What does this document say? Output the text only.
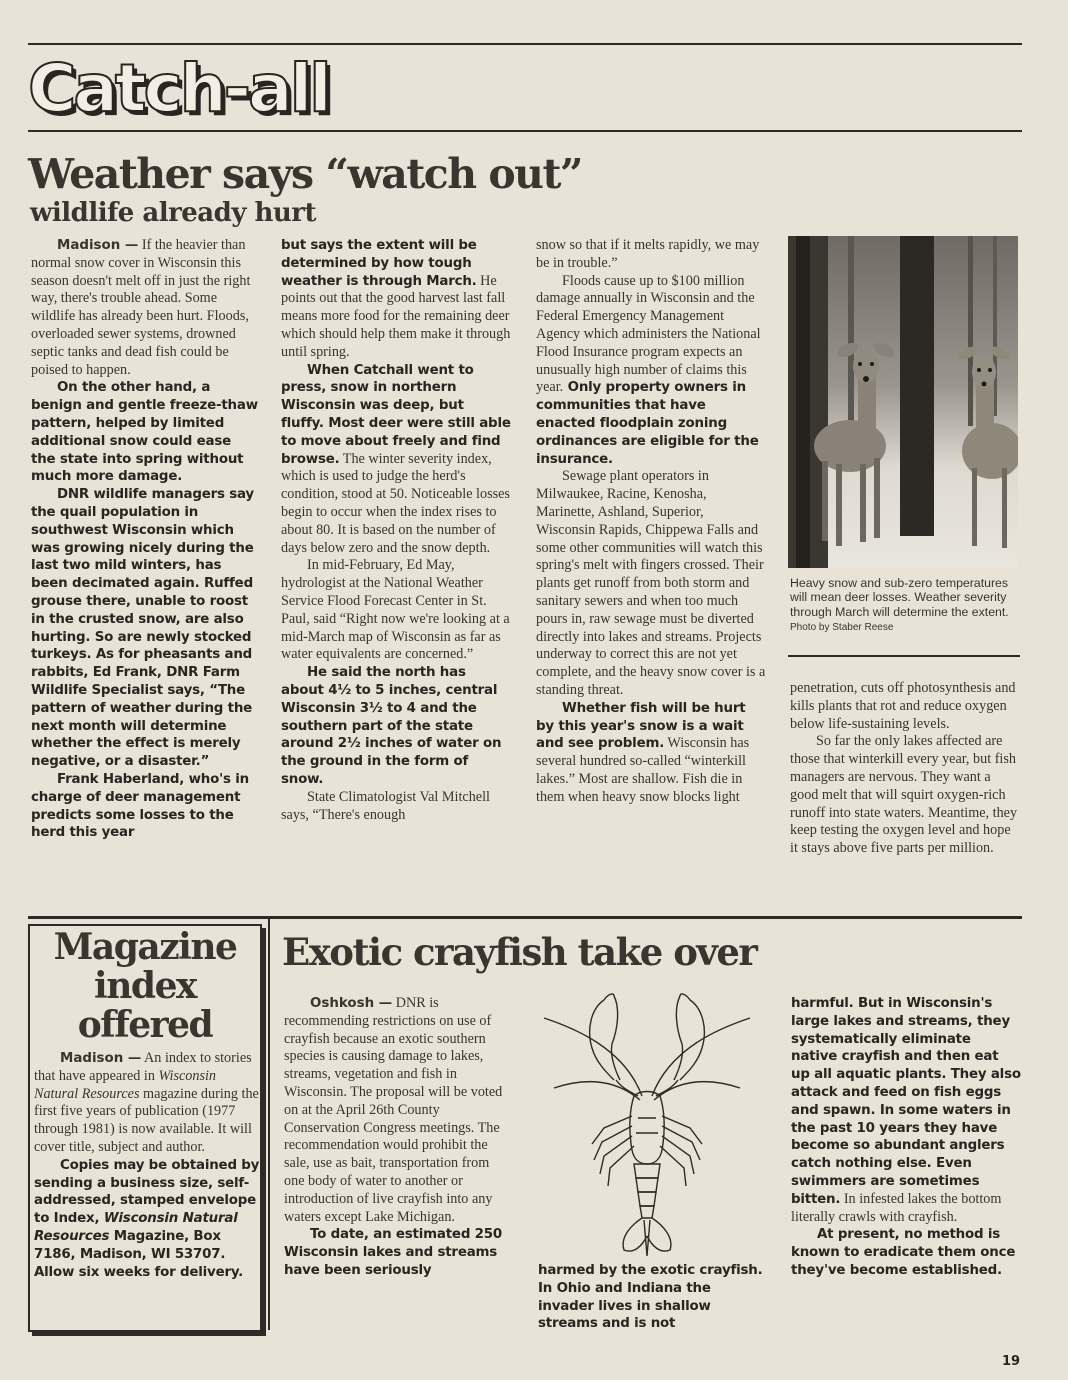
Catch-all
Weather says “watch out”
wildlife already hurt

Madison — If the heavier than normal snow cover in Wisconsin this season doesn't melt off in just the right way, there's trouble ahead. Some wildlife has already been hurt. Floods, overloaded sewer systems, drowned septic tanks and dead fish could be poised to happen.

On the other hand, a benign and gentle freeze-thaw pattern, helped by limited additional snow could ease the state into spring without much more damage.

DNR wildlife managers say the quail population in southwest Wisconsin which was growing nicely during the last two mild winters, has been decimated again. Ruffed grouse there, unable to roost in the crusted snow, are also hurting. So are newly stocked turkeys. As for pheasants and rabbits, Ed Frank, DNR Farm Wildlife Specialist says, “The pattern of weather during the next month will determine whether the effect is merely negative, or a disaster.”

Frank Haberland, who's in charge of deer management predicts some losses to the herd this year

but says the extent will be determined by how tough weather is through March. He points out that the good harvest last fall means more food for the remaining deer which should help them make it through until spring.

When Catchall went to press, snow in northern Wisconsin was deep, but fluffy. Most deer were still able to move about freely and find browse. The winter severity index, which is used to judge the herd's condition, stood at 50. Noticeable losses begin to occur when the index rises to about 80. It is based on the number of days below zero and the snow depth.

In mid-February, Ed May, hydrologist at the National Weather Service Flood Forecast Center in St. Paul, said “Right now we're looking at a mid-March map of Wisconsin as far as water equivalents are concerned.”

He said the north has about 4½ to 5 inches, central Wisconsin 3½ to 4 and the southern part of the state around 2½ inches of water on the ground in the form of snow.

State Climatologist Val Mitchell says, “There's enough

snow so that if it melts rapidly, we may be in trouble.”

Floods cause up to $100 million damage annually in Wisconsin and the Federal Emergency Management Agency which administers the National Flood Insurance program expects an unusually high number of claims this year. Only property owners in communities that have enacted floodplain zoning ordinances are eligible for the insurance.

Sewage plant operators in Milwaukee, Racine, Kenosha, Marinette, Ashland, Superior, Wisconsin Rapids, Chippewa Falls and some other communities will watch this spring's melt with fingers crossed. Their plants get runoff from both storm and sanitary sewers and when too much pours in, raw sewage must be diverted directly into lakes and streams. Projects underway to correct this are not yet complete, and the heavy snow cover is a standing threat.

Whether fish will be hurt by this year's snow is a wait and see problem. Wisconsin has several hundred so-called “winterkill lakes.” Most are shallow. Fish die in them when heavy snow blocks light

Heavy snow and sub-zero temperatures will mean deer losses. Weather severity through March will determine the extent. Photo by Staber Reese

penetration, cuts off photosynthesis and kills plants that rot and reduce oxygen below life-sustaining levels.

So far the only lakes affected are those that winterkill every year, but fish managers are nervous. They want a good melt that will squirt oxygen-rich runoff into state waters. Meantime, they keep testing the oxygen level and hope it stays above five parts per million.

Magazine
index
offered

Madison — An index to stories that have appeared in Wisconsin Natural Resources magazine during the first five years of publication (1977 through 1981) is now available. It will cover title, subject and author.

Copies may be obtained by sending a business size, self-addressed, stamped envelope to Index, Wisconsin Natural Resources Magazine, Box 7186, Madison, WI 53707. Allow six weeks for delivery.

Exotic crayfish take over

Oshkosh — DNR is recommending restrictions on use of crayfish because an exotic southern species is causing damage to lakes, streams, vegetation and fish in Wisconsin. The proposal will be voted on at the April 26th County Conservation Congress meetings. The recommendation would prohibit the sale, use as bait, transportation from one body of water to another or introduction of live crayfish into any waters except Lake Michigan.

To date, an estimated 250 Wisconsin lakes and streams have been seriously	harmed by the exotic crayfish. In Ohio and Indiana the invader lives in shallow streams and is not

harmful. But in Wisconsin's large lakes and streams, they systematically eliminate native crayfish and then eat up all aquatic plants. They also attack and feed on fish eggs and spawn. In some waters in the past 10 years they have become so abundant anglers catch nothing else. Even swimmers are sometimes bitten. In infested lakes the bottom literally crawls with crayfish.

At present, no method is known to eradicate them once they've become established.

19
